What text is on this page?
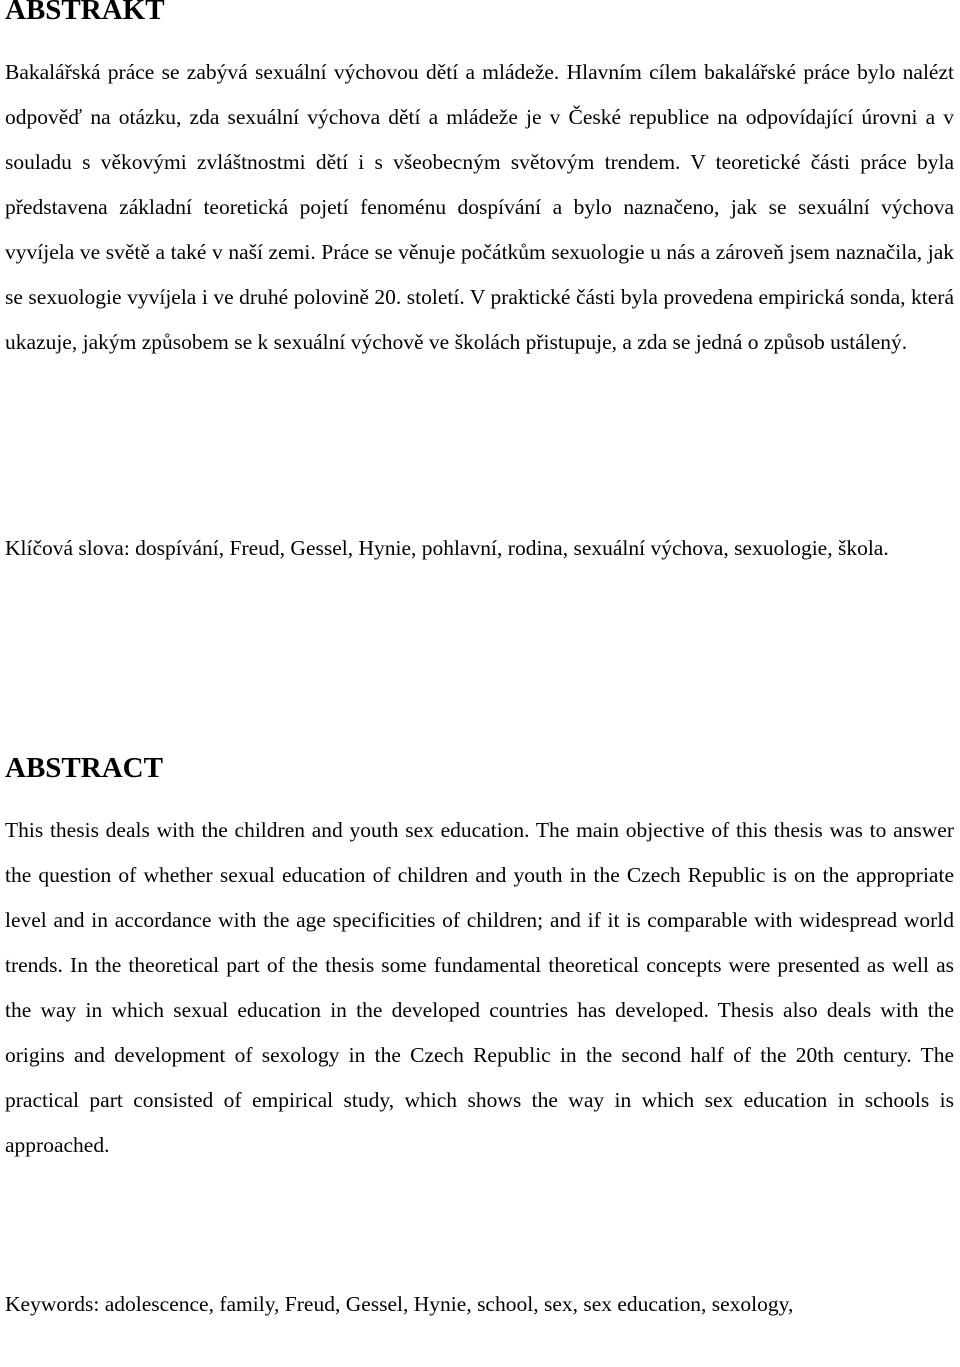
ABSTRAKT

Bakalářská práce se zabývá sexuální výchovou dětí a mládeže. Hlavním cílem bakalářské práce bylo nalézt odpověď na otázku, zda sexuální výchova dětí a mládeže je v České republice na odpovídající úrovni a v souladu s věkovými zvláštnostmi dětí i s všeobecným světovým trendem. V teoretické části práce byla představena základní teoretická pojetí fenoménu dospívání a bylo naznačeno, jak se sexuální výchova vyvíjela ve světě a také v naší zemi. Práce se věnuje počátkům sexuologie u nás a zároveň jsem naznačila, jak se sexuologie vyvíjela i ve druhé polovině 20. století. V praktické části byla provedena empirická sonda, která ukazuje, jakým způsobem se k sexuální výchově ve školách přistupuje, a zda se jedná o způsob ustálený.

Klíčová slova: dospívání, Freud, Gessel, Hynie, pohlavní, rodina, sexuální výchova, sexuologie, škola.

ABSTRACT

This thesis deals with the children and youth sex education. The main objective of this thesis was to answer the question of whether sexual education of children and youth in the Czech Republic is on the appropriate level and in accordance with the age specificities of children; and if it is comparable with widespread world trends. In the theoretical part of the thesis some fundamental theoretical concepts were presented as well as the way in which sexual education in the developed countries has developed. Thesis also deals with the origins and development of sexology in the Czech Republic in the second half of the 20th century. The practical part consisted of empirical study, which shows the way in which sex education in schools is approached.

Keywords: adolescence, family, Freud, Gessel, Hynie, school, sex, sex education, sexology,
